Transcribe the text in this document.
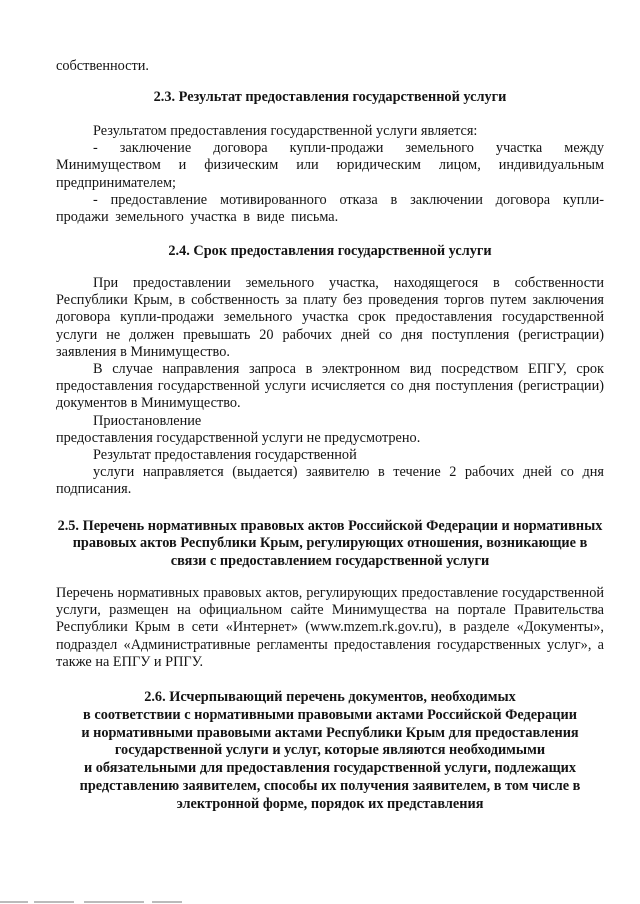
собственности.

2.3. Результат предоставления государственной услуги

Результатом предоставления государственной услуги является:

- заключение договора купли-продажи земельного участка между Минимуществом и физическим или юридическим лицом, индивидуальным предпринимателем;

- предоставление мотивированного отказа в заключении договора купли- продажи земельного участка в виде письма.

2.4. Срок предоставления государственной услуги

При предоставлении земельного участка, находящегося в собственности Республики Крым, в собственность за плату без проведения торгов путем заключения договора купли-продажи земельного участка срок предоставления государственной услуги не должен превышать 20 рабочих дней со дня поступления (регистрации) заявления в Минимущество.

В случае направления запроса в электронном вид посредством ЕПГУ, срок предоставления государственной услуги исчисляется со дня поступления (регистрации) документов в Минимущество.

Приостановление

предоставления государственной услуги не предусмотрено.

Результат предоставления государственной

услуги направляется (выдается) заявителю в течение 2 рабочих дней со дня подписания.

2.5. Перечень нормативных правовых актов Российской Федерации и нормативных правовых актов Республики Крым, регулирующих отношения, возникающие в связи с предоставлением государственной услуги

Перечень нормативных правовых актов, регулирующих предоставление государственной услуги, размещен на официальном сайте Минимущества на портале Правительства Республики Крым в сети «Интернет» (www.mzem.rk.gov.ru), в разделе «Документы», подраздел «Административные регламенты предоставления государственных услуг», а также на ЕПГУ и РПГУ.

2.6. Исчерпывающий перечень документов, необходимых
в соответствии с нормативными правовыми актами Российской Федерации
и нормативными правовыми актами Республики Крым для предоставления
государственной услуги и услуг, которые являются необходимыми
и обязательными для предоставления государственной услуги, подлежащих
представлению заявителем, способы их получения заявителем, в том числе в
электронной форме, порядок их представления
